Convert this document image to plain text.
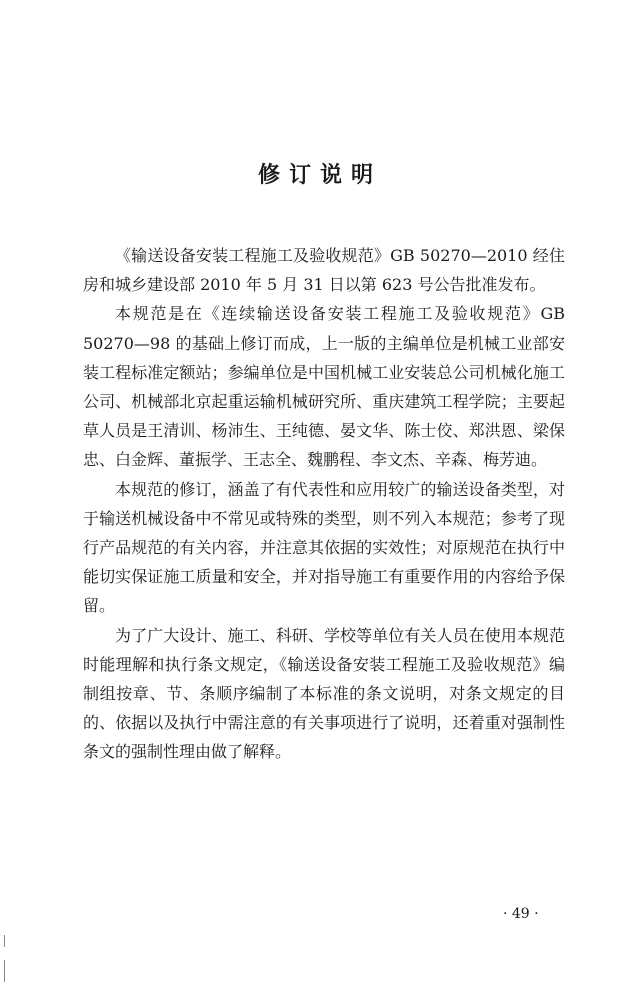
修订说明

《输送设备安装工程施工及验收规范》GB 50270—2010 经住房和城乡建设部 2010 年 5 月 31 日以第 623 号公告批准发布。

本规范是在《连续输送设备安装工程施工及验收规范》GB 50270—98 的基础上修订而成，上一版的主编单位是机械工业部安装工程标准定额站；参编单位是中国机械工业安装总公司机械化施工公司、机械部北京起重运输机械研究所、重庆建筑工程学院；主要起草人员是王清训、杨沛生、王纯德、晏文华、陈士佼、郑洪恩、梁保忠、白金辉、董振学、王志全、魏鹏程、李文杰、辛森、梅芳迪。

本规范的修订，涵盖了有代表性和应用较广的输送设备类型，对于输送机械设备中不常见或特殊的类型，则不列入本规范；参考了现行产品规范的有关内容，并注意其依据的实效性；对原规范在执行中能切实保证施工质量和安全，并对指导施工有重要作用的内容给予保留。

为了广大设计、施工、科研、学校等单位有关人员在使用本规范时能理解和执行条文规定，《输送设备安装工程施工及验收规范》编制组按章、节、条顺序编制了本标准的条文说明，对条文规定的目的、依据以及执行中需注意的有关事项进行了说明，还着重对强制性条文的强制性理由做了解释。

· 49 ·
